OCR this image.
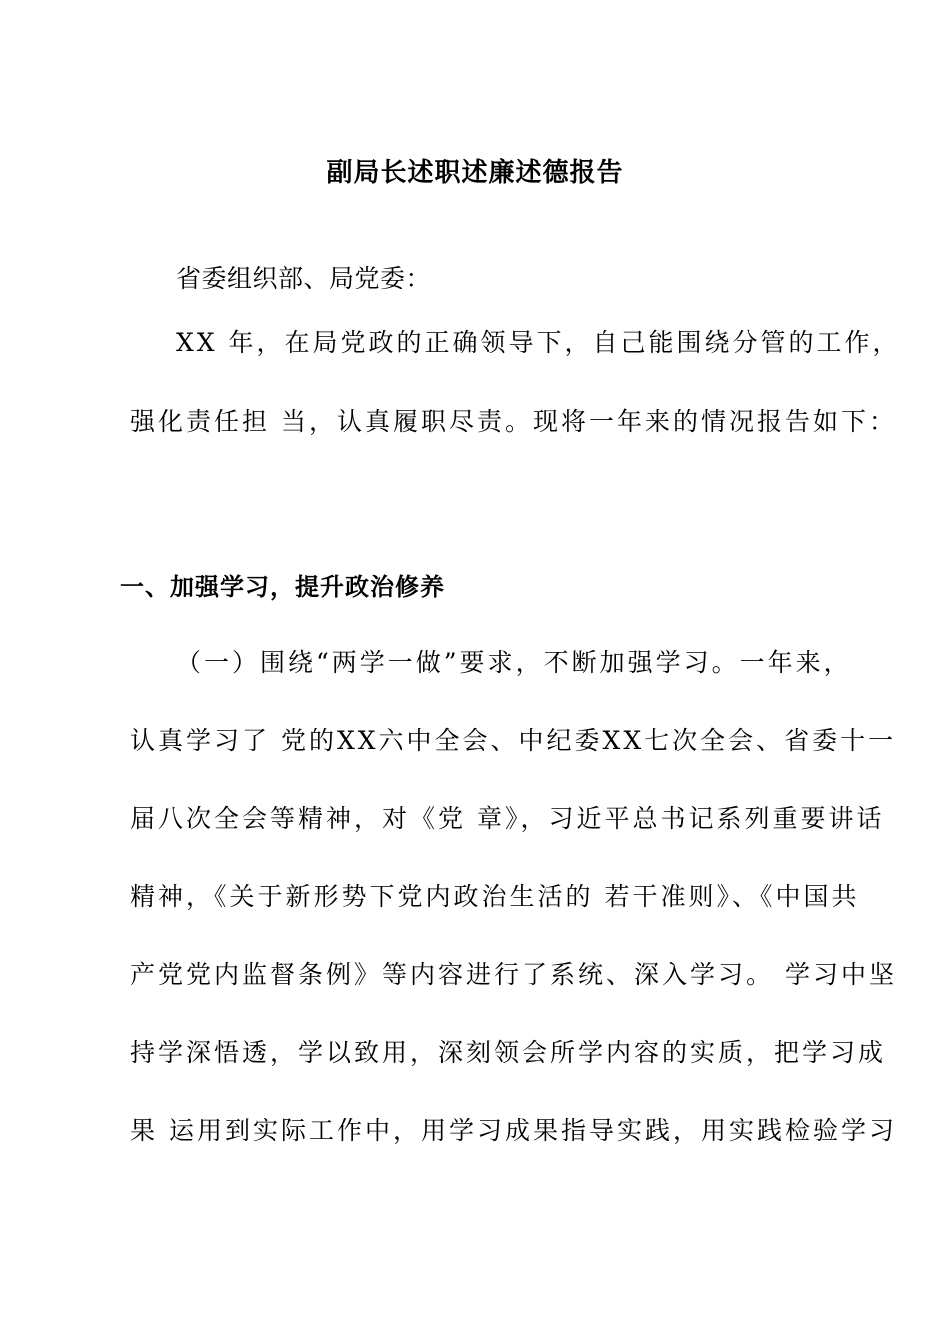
副局长述职述廉述德报告
省委组织部、局党委：
XX 年，在局党政的正确领导下，自己能围绕分管的工作，
强化责任担 当，认真履职尽责。现将一年来的情况报告如下：
一、加强学习，提升政治修养
（一）围绕“两学一做”要求，不断加强学习。一年来，
认真学习了 党的XX六中全会、中纪委XX七次全会、省委十一
届八次全会等精神，对《党 章》，习近平总书记系列重要讲话
精神，《关于新形势下党内政治生活的 若干准则》、《中国共
产党党内监督条例》等内容进行了系统、深入学习。 学习中坚
持学深悟透，学以致用，深刻领会所学内容的实质，把学习成
果 运用到实际工作中，用学习成果指导实践，用实践检验学习
